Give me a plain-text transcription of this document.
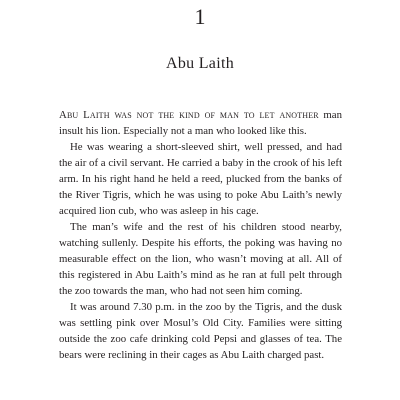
1
Abu Laith

Abu Laith was not the kind of man to let another man insult his lion. Especially not a man who looked like this.

He was wearing a short-sleeved shirt, well pressed, and had the air of a civil servant. He carried a baby in the crook of his left arm. In his right hand he held a reed, plucked from the banks of the River Tigris, which he was using to poke Abu Laith’s newly acquired lion cub, who was asleep in his cage.

The man’s wife and the rest of his children stood nearby, watching sullenly. Despite his efforts, the poking was having no measurable effect on the lion, who wasn’t moving at all. All of this registered in Abu Laith’s mind as he ran at full pelt through the zoo towards the man, who had not seen him coming.

It was around 7.30 p.m. in the zoo by the Tigris, and the dusk was settling pink over Mosul’s Old City. Families were sitting outside the zoo cafe drinking cold Pepsi and glasses of tea. The bears were reclining in their cages as Abu Laith charged past.
